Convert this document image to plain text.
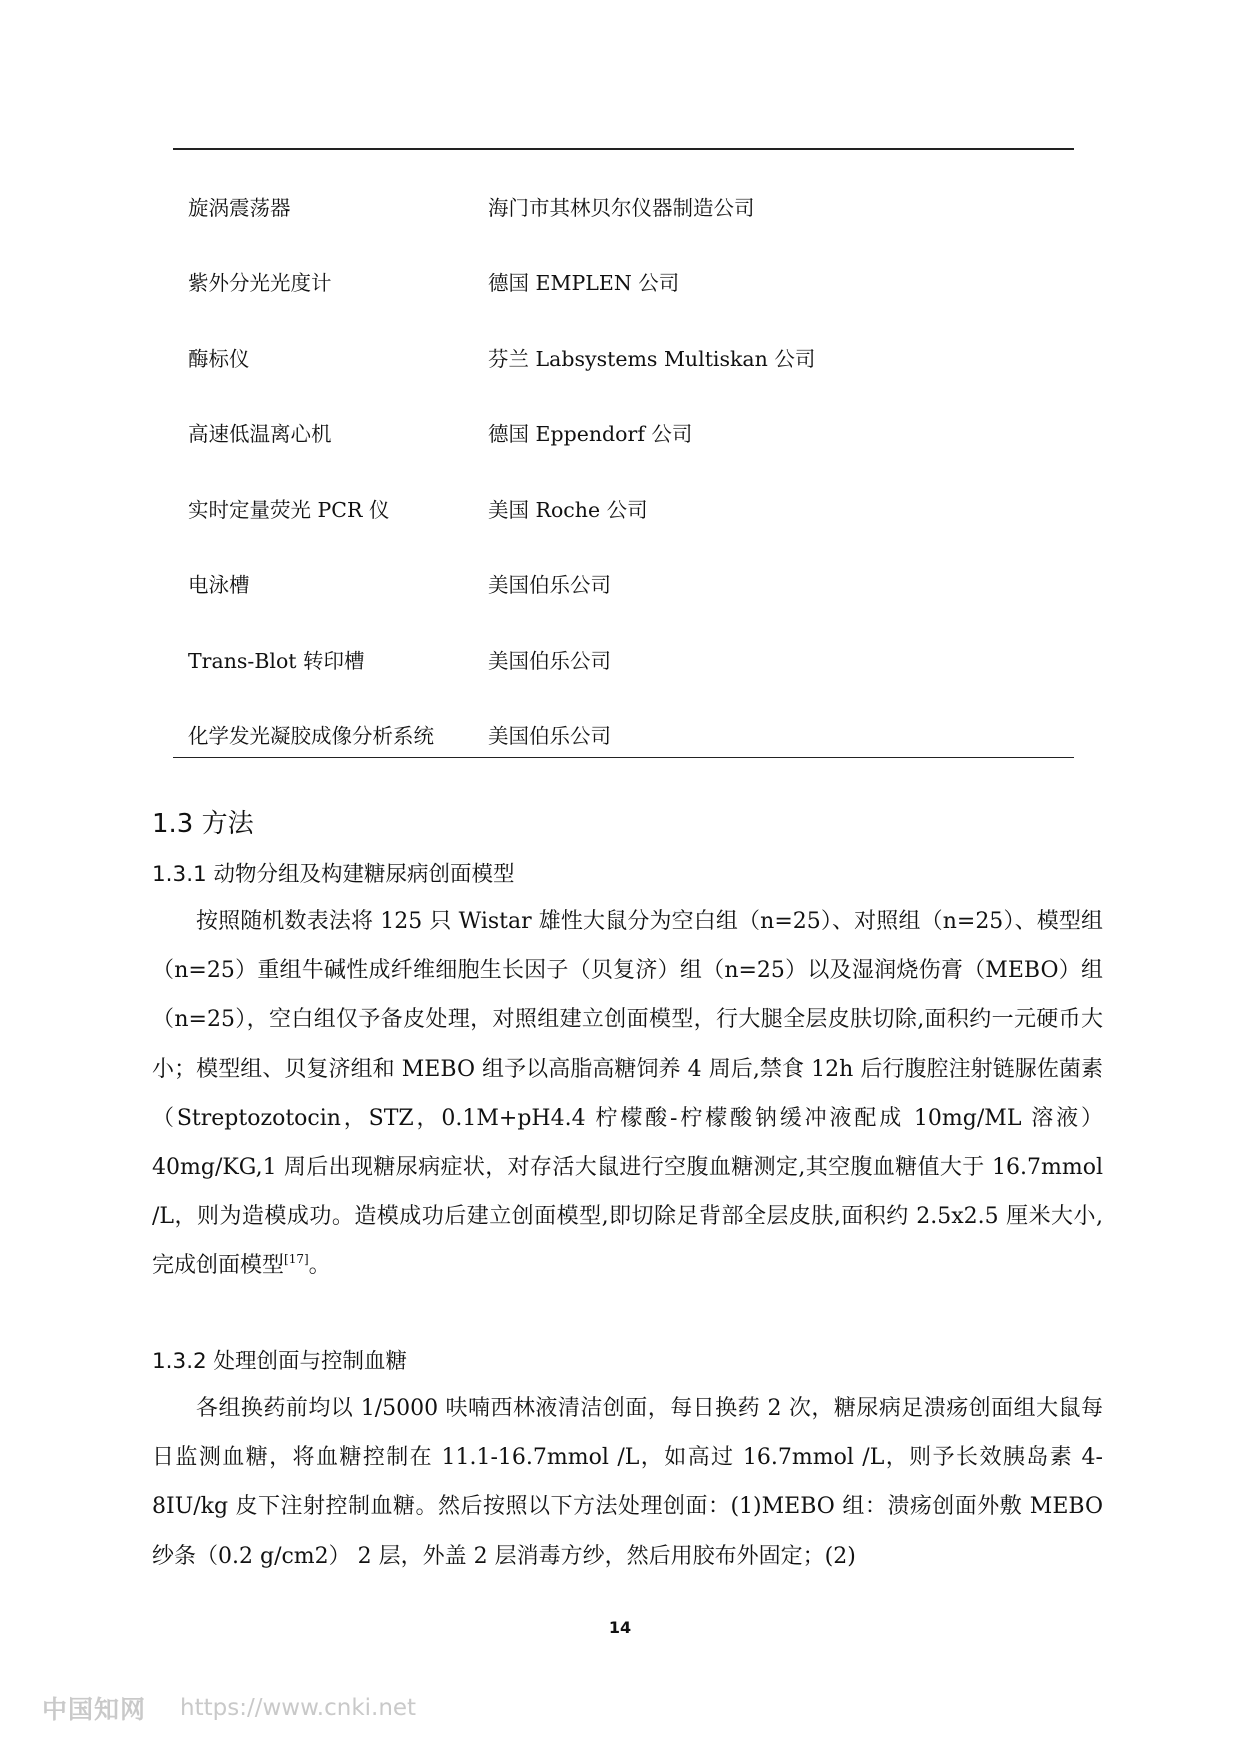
旋涡震荡器	海门市其林贝尔仪器制造公司
紫外分光光度计	德国 EMPLEN 公司
酶标仪	芬兰 Labsystems Multiskan 公司
高速低温离心机	德国 Eppendorf 公司
实时定量荧光 PCR 仪	美国 Roche 公司
电泳槽	美国伯乐公司
Trans-Blot 转印槽	美国伯乐公司
化学发光凝胶成像分析系统	美国伯乐公司
1.3 方法
1.3.1 动物分组及构建糖尿病创面模型

按照随机数表法将 125 只 Wistar 雄性大鼠分为空白组（n=25）、对照组（n=25）、模型组（n=25）重组牛碱性成纤维细胞生长因子（贝复济）组（n=25）以及湿润烧伤膏（MEBO）组（n=25），空白组仅予备皮处理，对照组建立创面模型，行大腿全层皮肤切除,面积约一元硬币大小；模型组、贝复济组和 MEBO 组予以高脂高糖饲养 4 周后,禁食 12h 后行腹腔注射链脲佐菌素（Streptozotocin，STZ，0.1M+pH4.4 柠檬酸-柠檬酸钠缓冲液配成 10mg/ML 溶液）40mg/KG,1 周后出现糖尿病症状，对存活大鼠进行空腹血糖测定,其空腹血糖值大于 16.7mmol /L，则为造模成功。造模成功后建立创面模型,即切除足背部全层皮肤,面积约 2.5x2.5 厘米大小,完成创面模型[17]。

1.3.2 处理创面与控制血糖

各组换药前均以 1/5000 呋喃西林液清洁创面，每日换药 2 次，糖尿病足溃疡创面组大鼠每日监测血糖，将血糖控制在 11.1-16.7mmol /L，如高过 16.7mmol /L，则予长效胰岛素 4-8IU/kg 皮下注射控制血糖。然后按照以下方法处理创面：(1)MEBO 组：溃疡创面外敷 MEBO 纱条（0.2 g/cm2） 2 层，外盖 2 层消毒方纱，然后用胶布外固定；(2)

14
中国知网 https://www.cnki.net
